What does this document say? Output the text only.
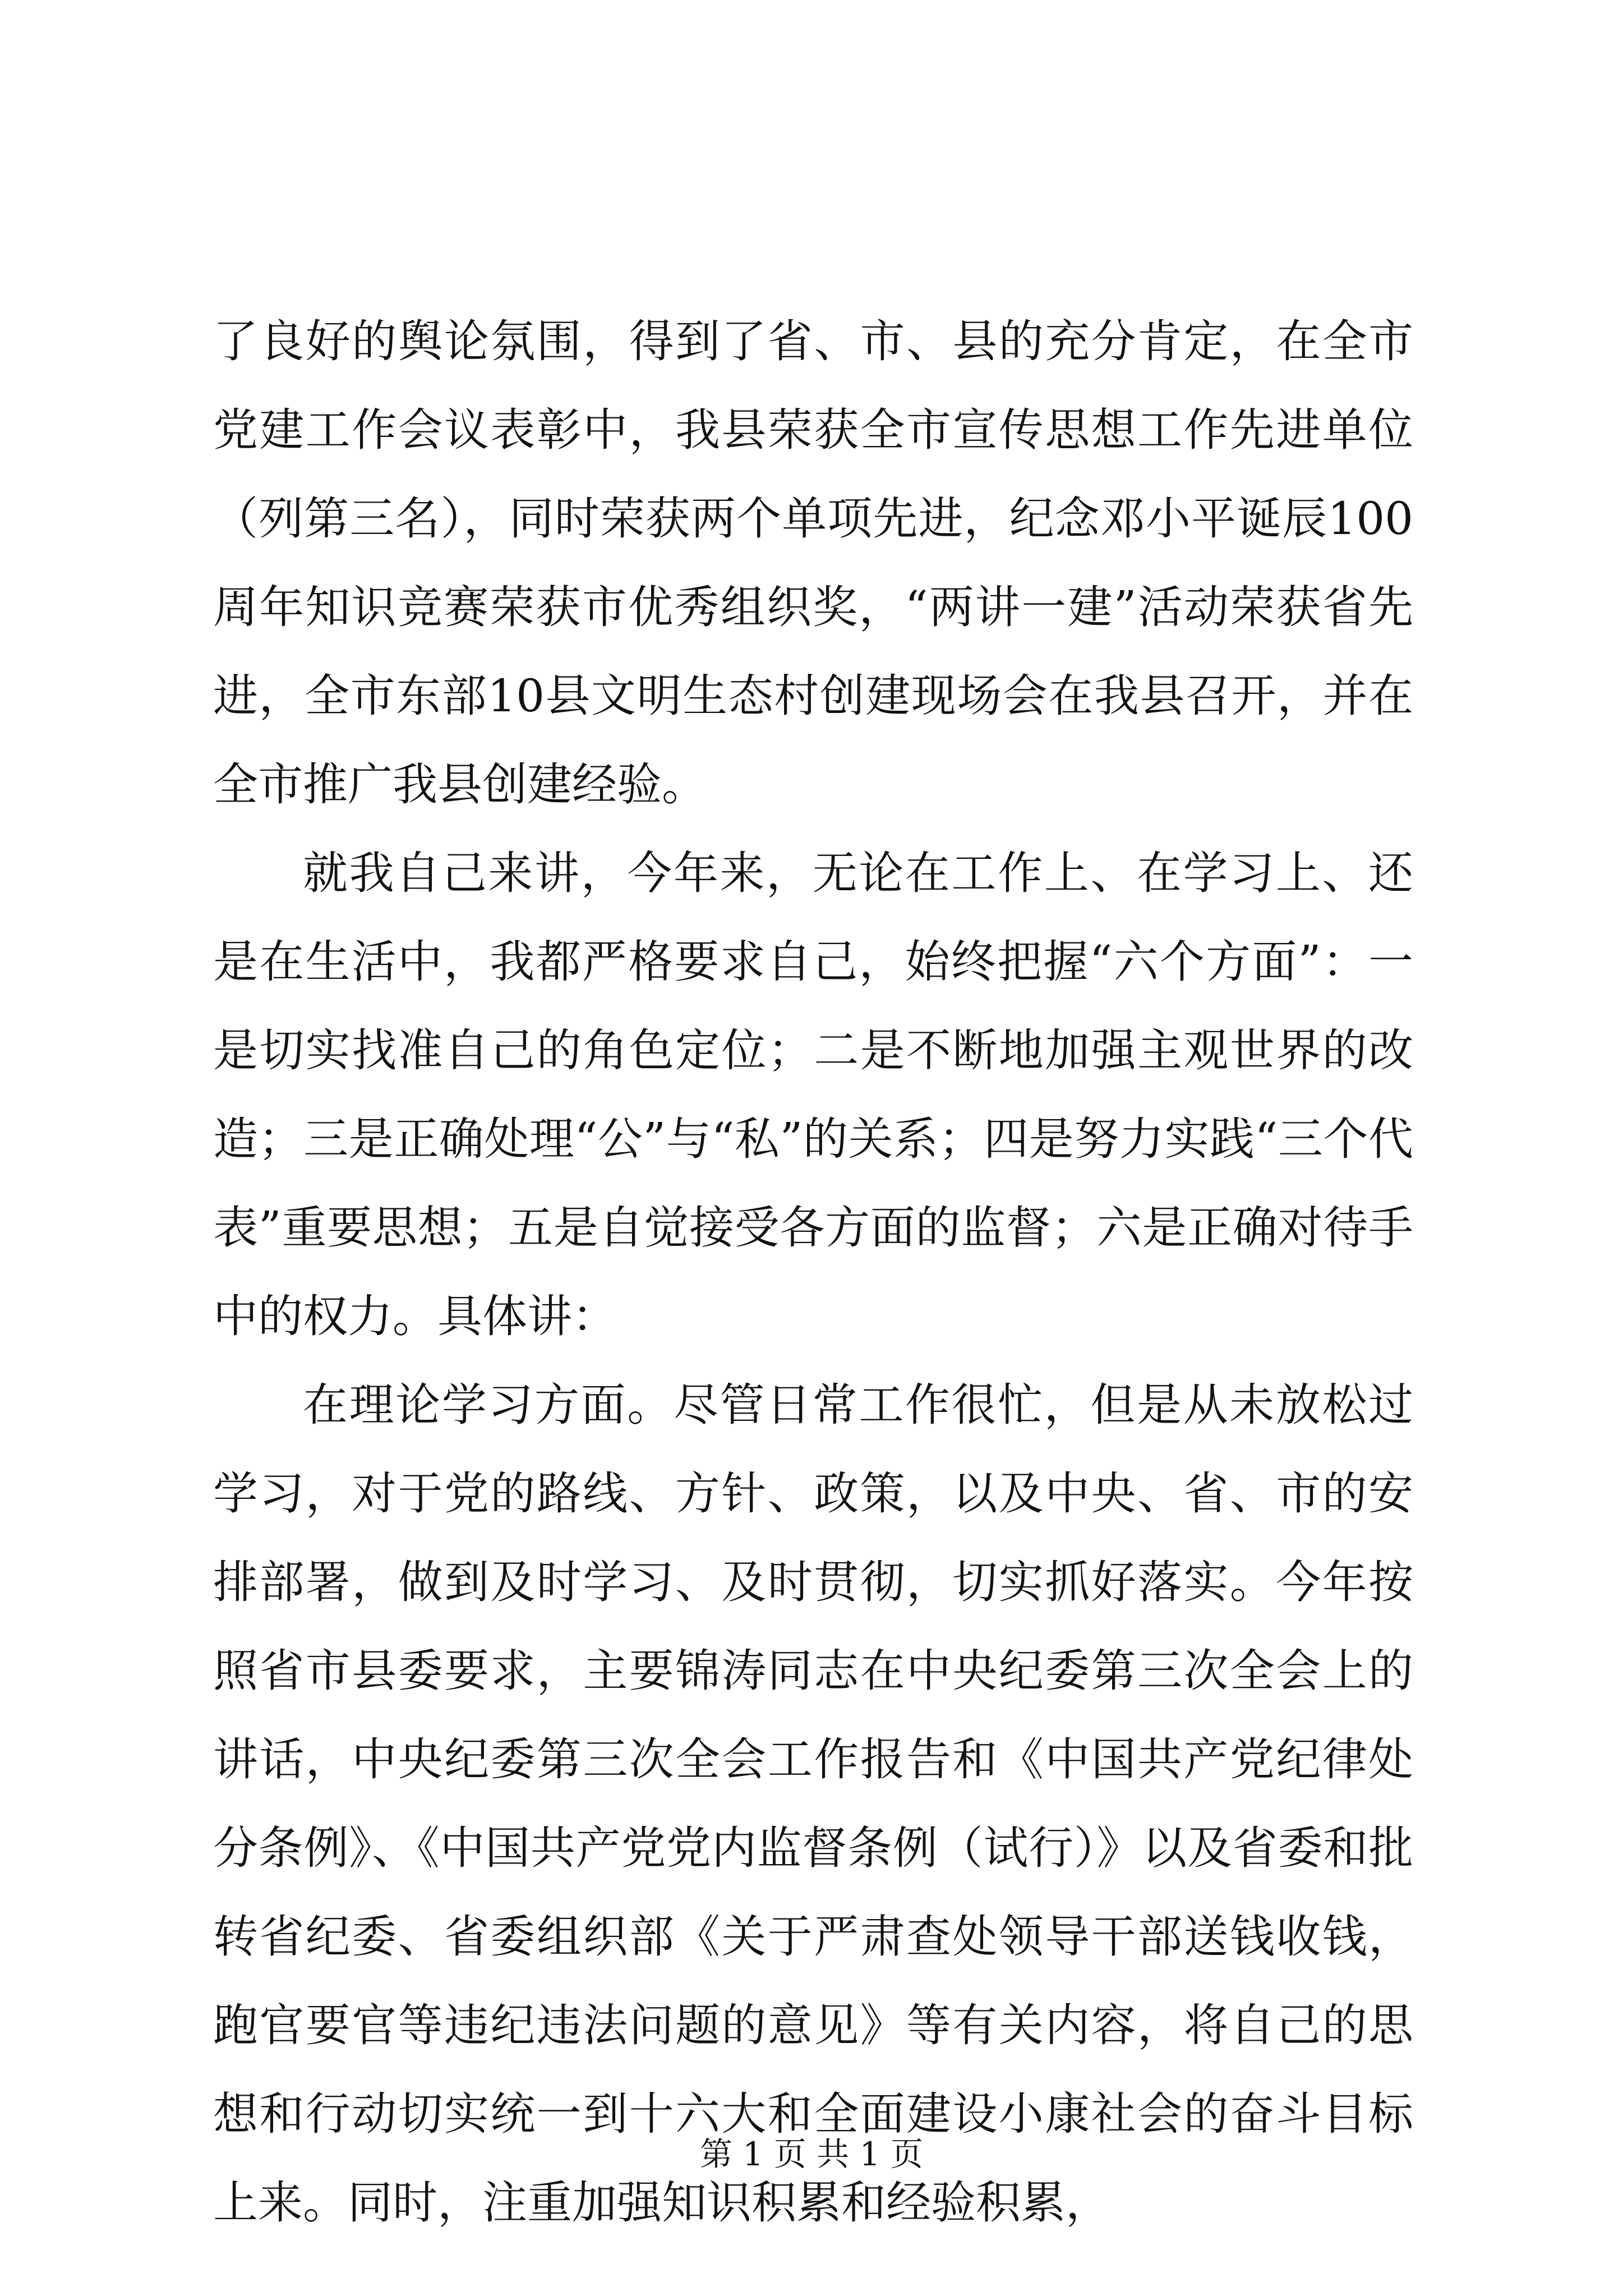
了良好的舆论氛围，得到了省、市、县的充分肯定，在全市党建工作会议表彰中，我县荣获全市宣传思想工作先进单位（列第三名），同时荣获两个单项先进，纪念邓小平诞辰100周年知识竞赛荣获市优秀组织奖，“两讲一建”活动荣获省先进，全市东部10县文明生态村创建现场会在我县召开，并在全市推广我县创建经验。

就我自己来讲，今年来，无论在工作上、在学习上、还是在生活中，我都严格要求自己，始终把握“六个方面”：一是切实找准自己的角色定位；二是不断地加强主观世界的改造；三是正确处理“公”与“私”的关系；四是努力实践“三个代表”重要思想；五是自觉接受各方面的监督；六是正确对待手中的权力。具体讲：

在理论学习方面。尽管日常工作很忙，但是从未放松过学习，对于党的路线、方针、政策，以及中央、省、市的安排部署，做到及时学习、及时贯彻，切实抓好落实。今年按照省市县委要求，主要锦涛同志在中央纪委第三次全会上的讲话，中央纪委第三次全会工作报告和《中国共产党纪律处分条例》、《中国共产党党内监督条例（试行）》以及省委和批转省纪委、省委组织部《关于严肃查处领导干部送钱收钱，跑官要官等违纪违法问题的意见》等有关内容，将自己的思想和行动切实统一到十六大和全面建设小康社会的奋斗目标上来。同时，注重加强知识积累和经验积累，

第 1 页 共 1 页
